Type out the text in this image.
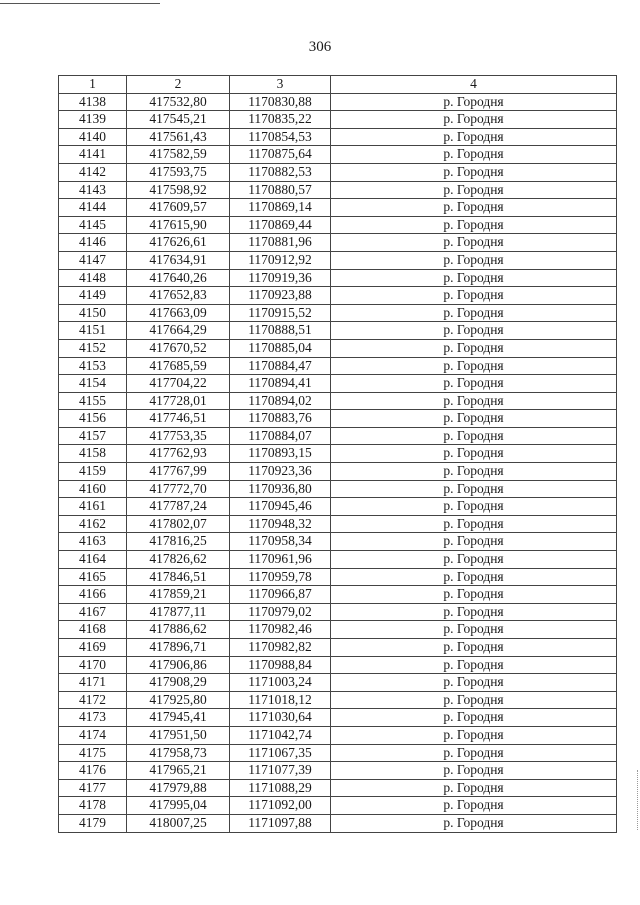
306
1	2	3	4
4138	417532,80	1170830,88	р. Городня
4139	417545,21	1170835,22	р. Городня
4140	417561,43	1170854,53	р. Городня
4141	417582,59	1170875,64	р. Городня
4142	417593,75	1170882,53	р. Городня
4143	417598,92	1170880,57	р. Городня
4144	417609,57	1170869,14	р. Городня
4145	417615,90	1170869,44	р. Городня
4146	417626,61	1170881,96	р. Городня
4147	417634,91	1170912,92	р. Городня
4148	417640,26	1170919,36	р. Городня
4149	417652,83	1170923,88	р. Городня
4150	417663,09	1170915,52	р. Городня
4151	417664,29	1170888,51	р. Городня
4152	417670,52	1170885,04	р. Городня
4153	417685,59	1170884,47	р. Городня
4154	417704,22	1170894,41	р. Городня
4155	417728,01	1170894,02	р. Городня
4156	417746,51	1170883,76	р. Городня
4157	417753,35	1170884,07	р. Городня
4158	417762,93	1170893,15	р. Городня
4159	417767,99	1170923,36	р. Городня
4160	417772,70	1170936,80	р. Городня
4161	417787,24	1170945,46	р. Городня
4162	417802,07	1170948,32	р. Городня
4163	417816,25	1170958,34	р. Городня
4164	417826,62	1170961,96	р. Городня
4165	417846,51	1170959,78	р. Городня
4166	417859,21	1170966,87	р. Городня
4167	417877,11	1170979,02	р. Городня
4168	417886,62	1170982,46	р. Городня
4169	417896,71	1170982,82	р. Городня
4170	417906,86	1170988,84	р. Городня
4171	417908,29	1171003,24	р. Городня
4172	417925,80	1171018,12	р. Городня
4173	417945,41	1171030,64	р. Городня
4174	417951,50	1171042,74	р. Городня
4175	417958,73	1171067,35	р. Городня
4176	417965,21	1171077,39	р. Городня
4177	417979,88	1171088,29	р. Городня
4178	417995,04	1171092,00	р. Городня
4179	418007,25	1171097,88	р. Городня
